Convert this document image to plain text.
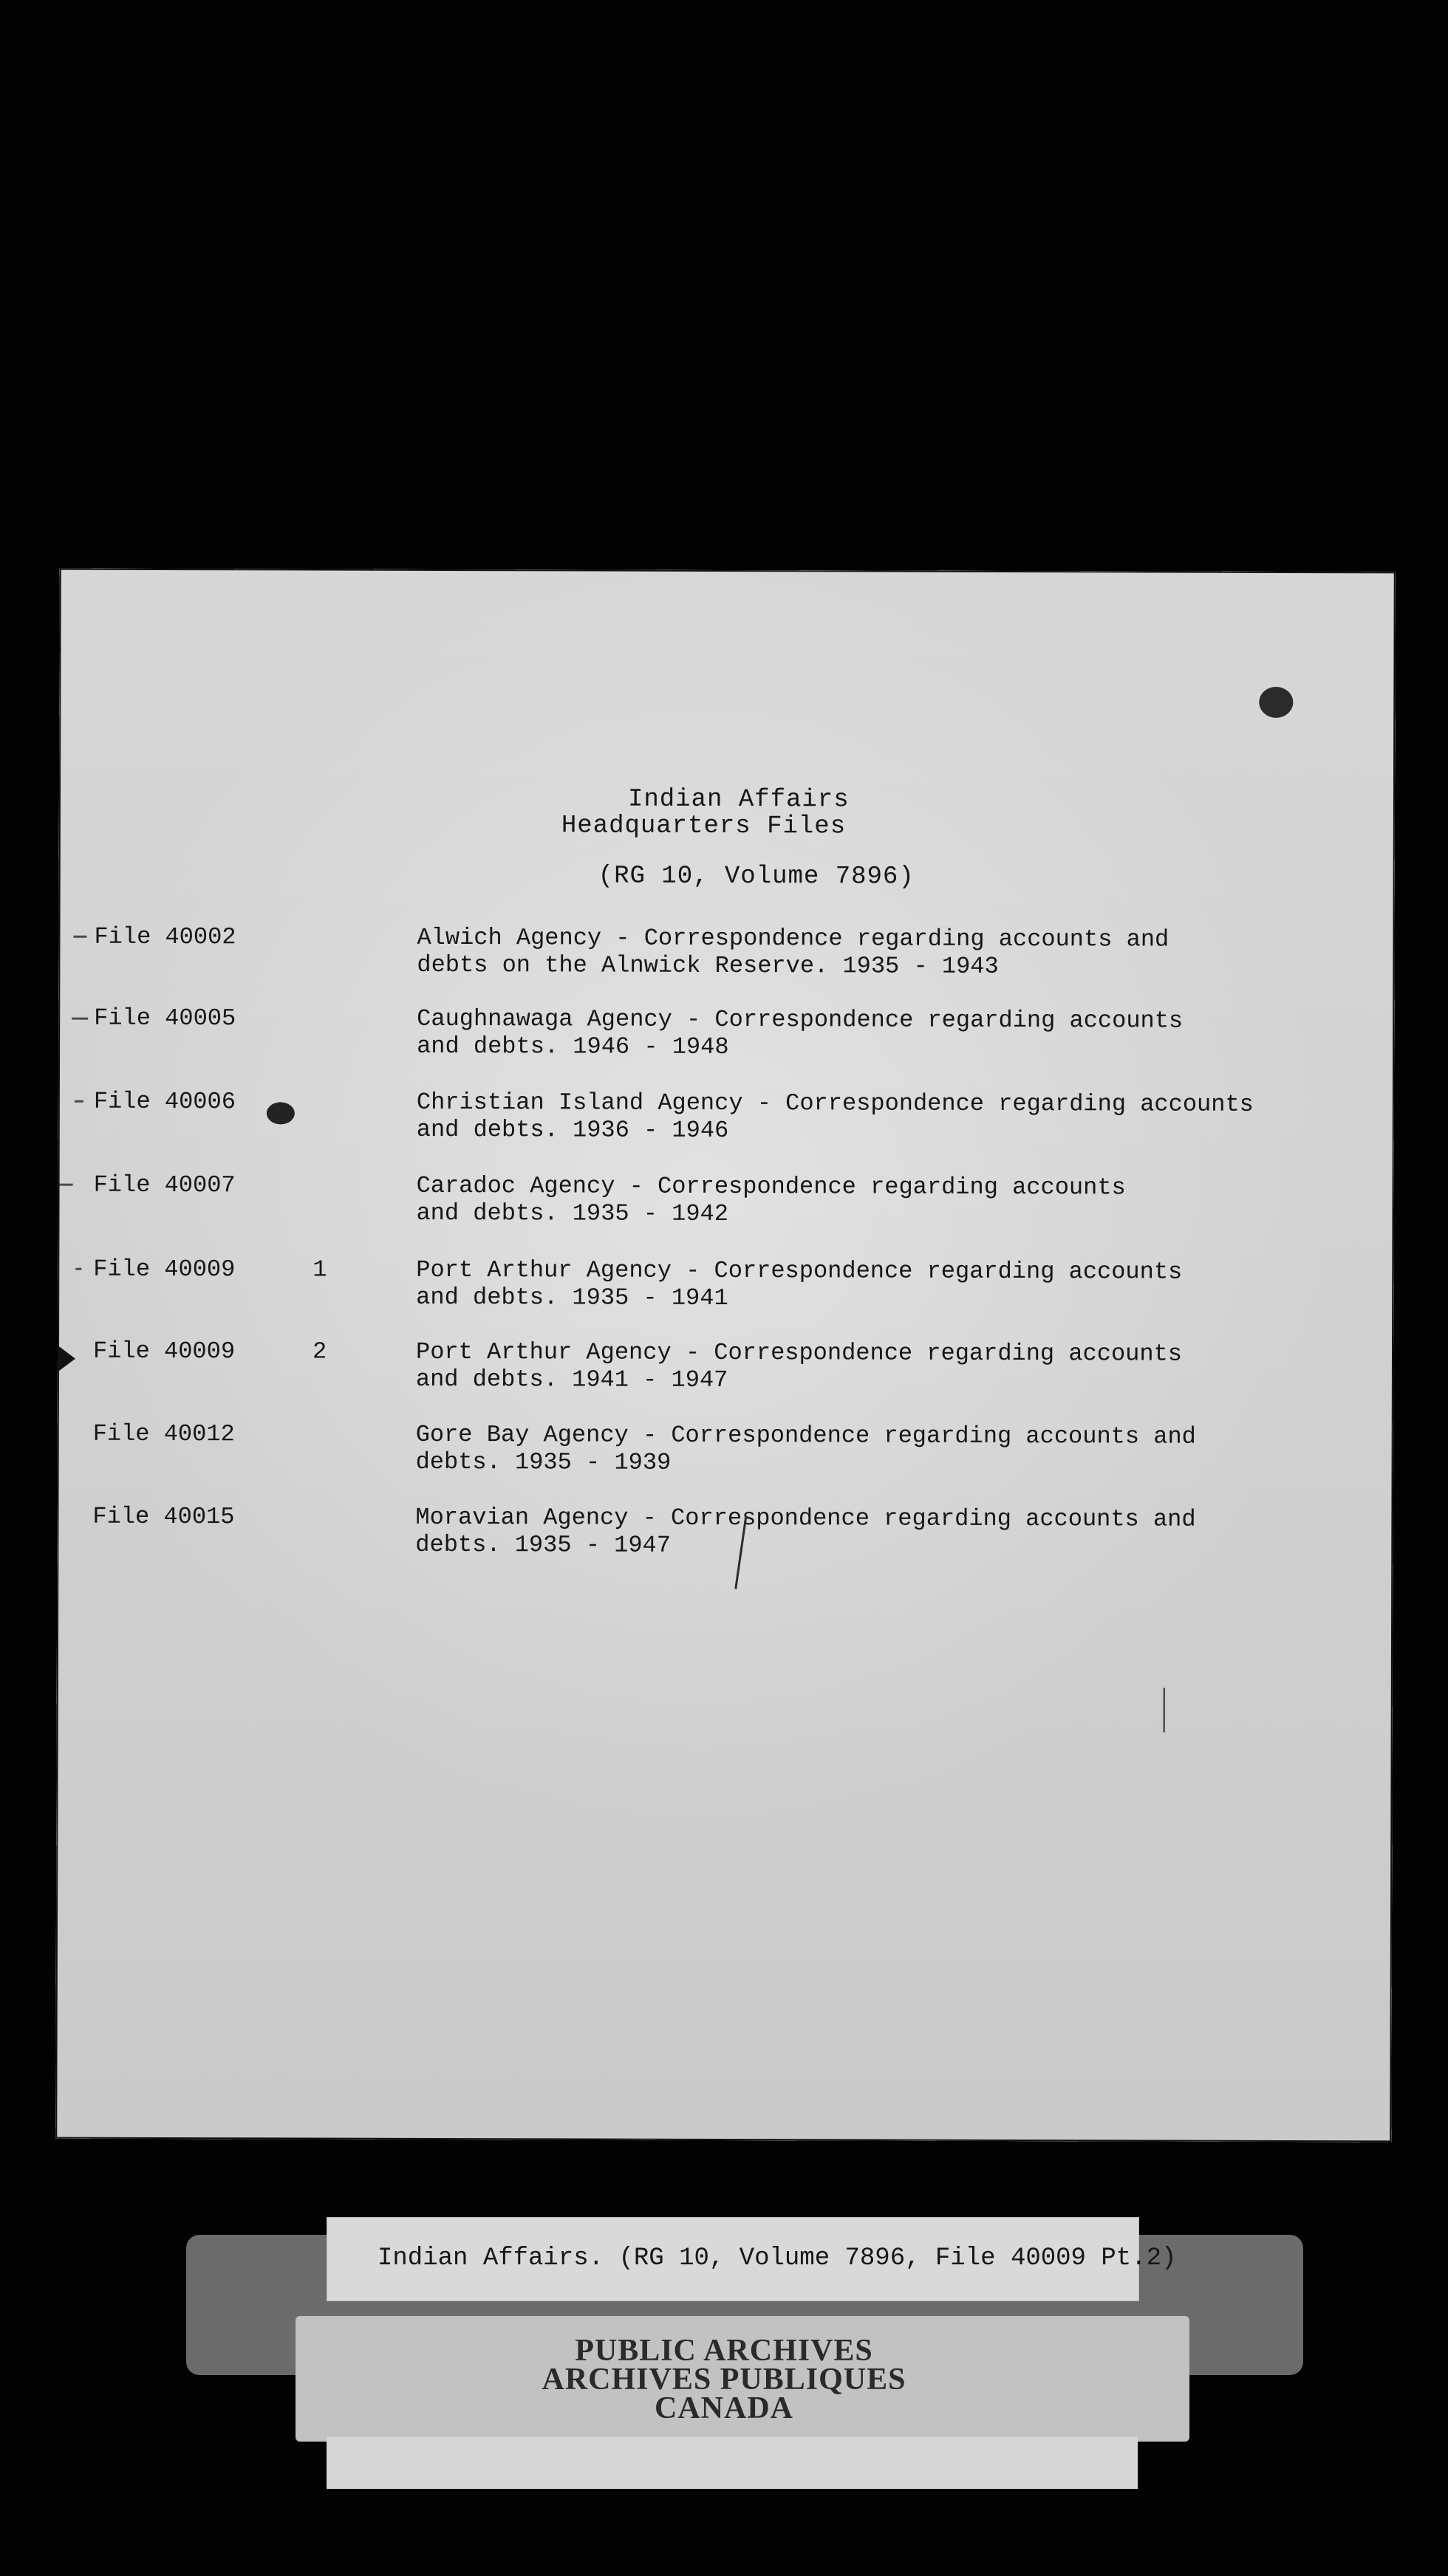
Indian Affairs
Headquarters Files
(RG 10, Volume 7896)
File 40002	Alwich Agency - Correspondence regarding accounts and
debts on the Alnwick Reserve. 1935 - 1943
File 40005	Caughnawaga Agency - Correspondence regarding accounts
and debts. 1946 - 1948
File 40006	Christian Island Agency - Correspondence regarding accounts
and debts. 1936 - 1946
File 40007	Caradoc Agency - Correspondence regarding accounts
and debts. 1935 - 1942
File 40009	1	Port Arthur Agency - Correspondence regarding accounts
and debts. 1935 - 1941
File 40009	2	Port Arthur Agency - Correspondence regarding accounts
and debts. 1941 - 1947
File 40012	Gore Bay Agency - Correspondence regarding accounts and
debts. 1935 - 1939
File 40015	Moravian Agency - Correspondence regarding accounts and
debts. 1935 - 1947
Indian Affairs. (RG 10, Volume 7896, File 40009 Pt.2)
PUBLIC ARCHIVES
ARCHIVES PUBLIQUES
CANADA
